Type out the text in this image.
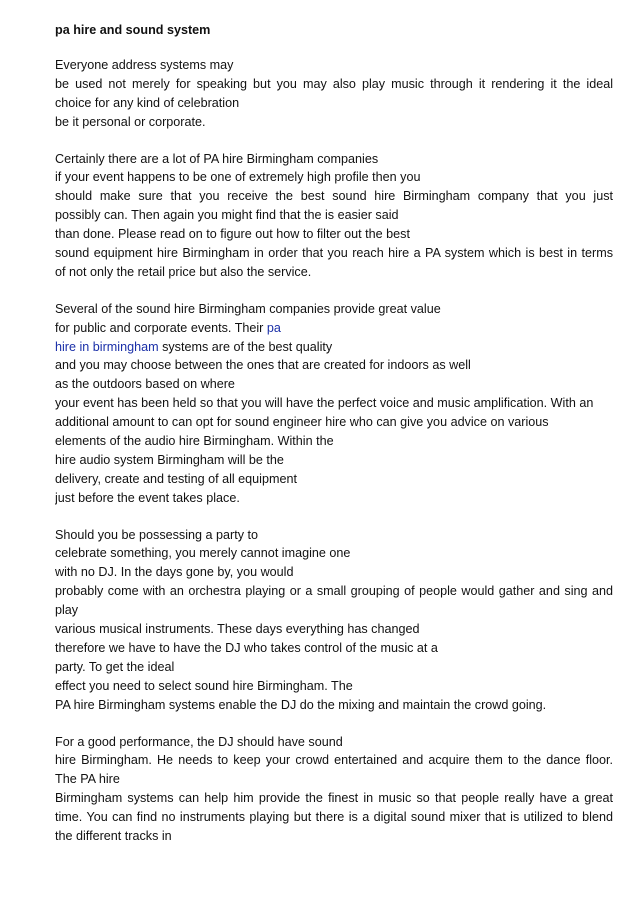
pa hire and sound system
Everyone address systems may
be used not merely for speaking but you may also play music through it rendering it the ideal
choice for any kind of celebration
be it personal or corporate.
Certainly there are a lot of PA hire Birmingham companies
if your event happens to be one of extremely high profile then you
should make sure that you receive the best sound hire Birmingham company that you just
possibly can. Then again you might find that the is easier said
than done. Please read on to figure out how to filter out the best
sound equipment hire Birmingham in order that you reach hire a PA system which is best in terms
of not only the retail price but also the service.
Several of the sound hire Birmingham companies provide great value
for public and corporate events. Their pa
hire in birmingham systems are of the best quality
and you may choose between the ones that are created for indoors as well
as the outdoors based on where
your event has been held so that you will have the perfect voice and music amplification. With an
additional amount to can opt for sound engineer hire who can give you advice on various
elements of the audio hire Birmingham. Within the
hire audio system Birmingham will be the
delivery, create and testing of all equipment
just before the event takes place.
Should you be possessing a party to
celebrate something, you merely cannot imagine one
with no DJ. In the days gone by, you would
probably come with an orchestra playing or a small grouping of people would gather and sing and
play
various musical instruments. These days everything has changed
therefore we have to have the DJ who takes control of the music at a
party. To get the ideal
effect you need to select sound hire Birmingham. The
PA hire Birmingham systems enable the DJ do the mixing and maintain the crowd going.
For a good performance, the DJ should have sound
hire Birmingham. He needs to keep your crowd entertained and acquire them to the dance floor.
The PA hire
Birmingham systems can help him provide the finest in music so that people really have a great
time. You can find no instruments playing but there is a digital sound mixer that is utilized to blend
the different tracks in
